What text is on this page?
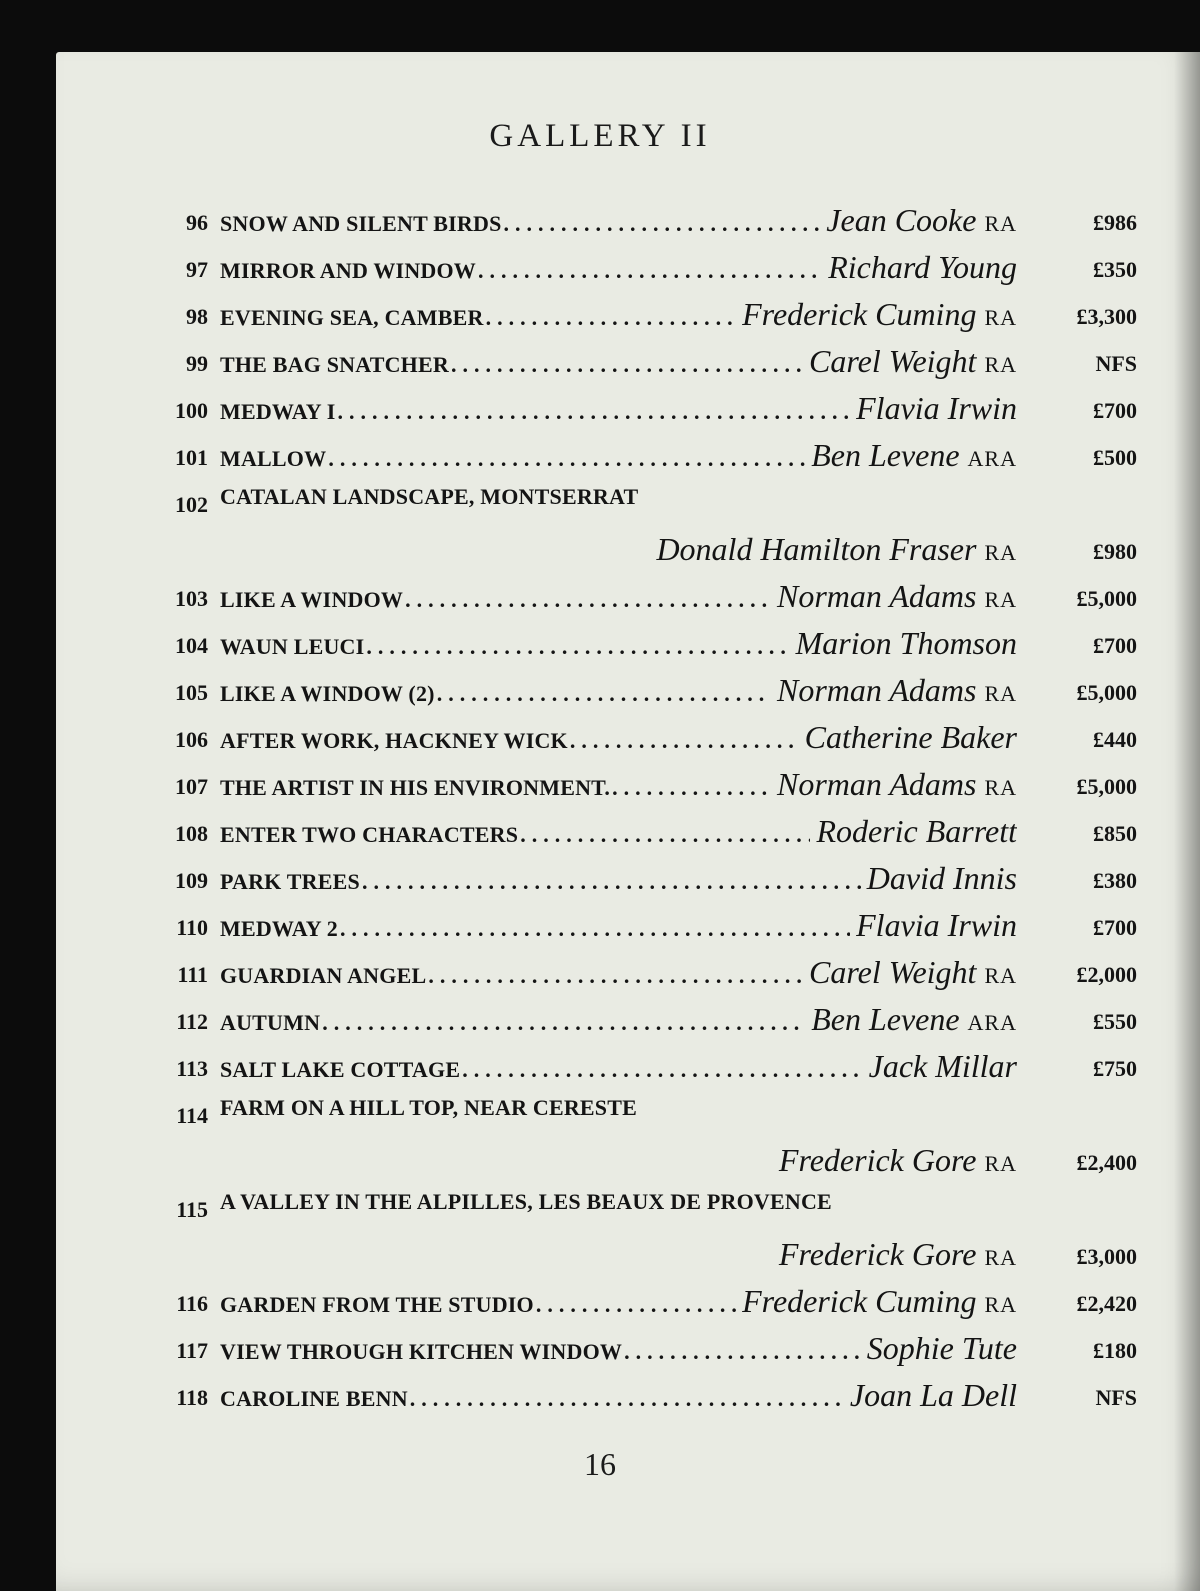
GALLERY II
96 SNOW AND SILENT BIRDS .....	Jean Cooke RA	£986
97 MIRROR AND WINDOW .....	Richard Young	£350
98 EVENING SEA, CAMBER .....	Frederick Cuming RA	£3,300
99 THE BAG SNATCHER .....	Carel Weight RA	NFS
100 MEDWAY I .....	Flavia Irwin	£700
101 MALLOW .....	Ben Levene ARA	£500
102 CATALAN LANDSCAPE, MONTSERRAT
Donald Hamilton Fraser RA	£980
103 LIKE A WINDOW .....	Norman Adams RA	£5,000
104 WAUN LEUCI .....	Marion Thomson	£700
105 LIKE A WINDOW (2) .....	Norman Adams RA	£5,000
106 AFTER WORK, HACKNEY WICK .....	Catherine Baker	£440
107 THE ARTIST IN HIS ENVIRONMENT. .....	Norman Adams RA	£5,000
108 ENTER TWO CHARACTERS .....	Roderic Barrett	£850
109 PARK TREES .....	David Innis	£380
110 MEDWAY 2 .....	Flavia Irwin	£700
111 GUARDIAN ANGEL .....	Carel Weight RA	£2,000
112 AUTUMN .....	Ben Levene ARA	£550
113 SALT LAKE COTTAGE .....	Jack Millar	£750
114 FARM ON A HILL TOP, NEAR CERESTE
Frederick Gore RA	£2,400
115 A VALLEY IN THE ALPILLES, LES BEAUX DE PROVENCE
Frederick Gore RA	£3,000
116 GARDEN FROM THE STUDIO .....	Frederick Cuming RA	£2,420
117 VIEW THROUGH KITCHEN WINDOW .....	Sophie Tute	£180
118 CAROLINE BENN .....	Joan La Dell	NFS
16
